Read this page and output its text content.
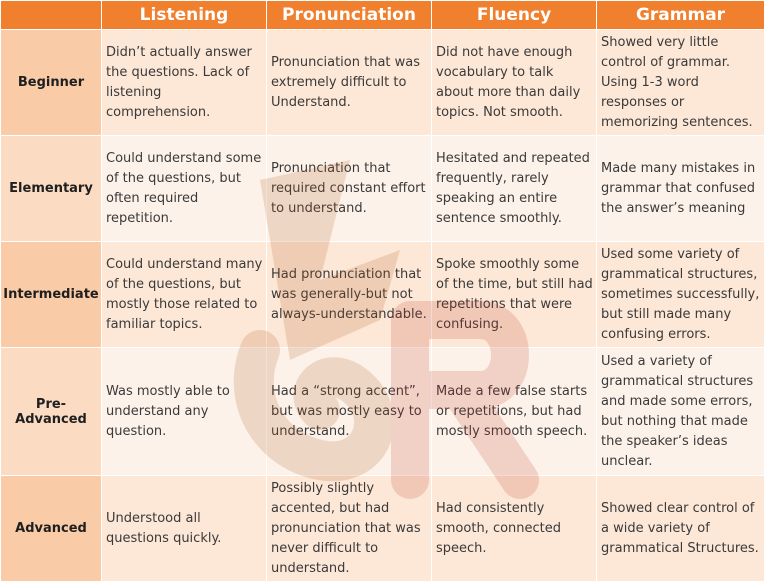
	Listening	Pronunciation	Fluency	Grammar
Beginner	Didn’t actually answer the questions. Lack of listening comprehension.	Pronunciation that was extremely difficult to Understand.	Did not have enough vocabulary to talk about more than daily topics. Not smooth.	Showed very little control of grammar. Using 1-3 word responses or memorizing sentences.
Elementary	Could understand some of the questions, but often required repetition.	Pronunciation that required constant effort to understand.	Hesitated and repeated frequently, rarely speaking an entire sentence smoothly.	Made many mistakes in grammar that confused the answer’s meaning
Intermediate	Could understand many of the questions, but mostly those related to familiar topics.	Had pronunciation that was generally-but not always-understandable.	Spoke smoothly some of the time, but still had repetitions that were confusing.	Used some variety of grammatical structures, sometimes successfully, but still made many confusing errors.
Pre-Advanced	Was mostly able to understand any question.	Had a “strong accent”, but was mostly easy to understand.	Made a few false starts or repetitions, but had mostly smooth speech.	Used a variety of grammatical structures and made some errors, but nothing that made the speaker’s ideas unclear.
Advanced	Understood all questions quickly.	Possibly slightly accented, but had pronunciation that was never difficult to understand.	Had consistently smooth, connected speech.	Showed clear control of a wide variety of grammatical Structures.
